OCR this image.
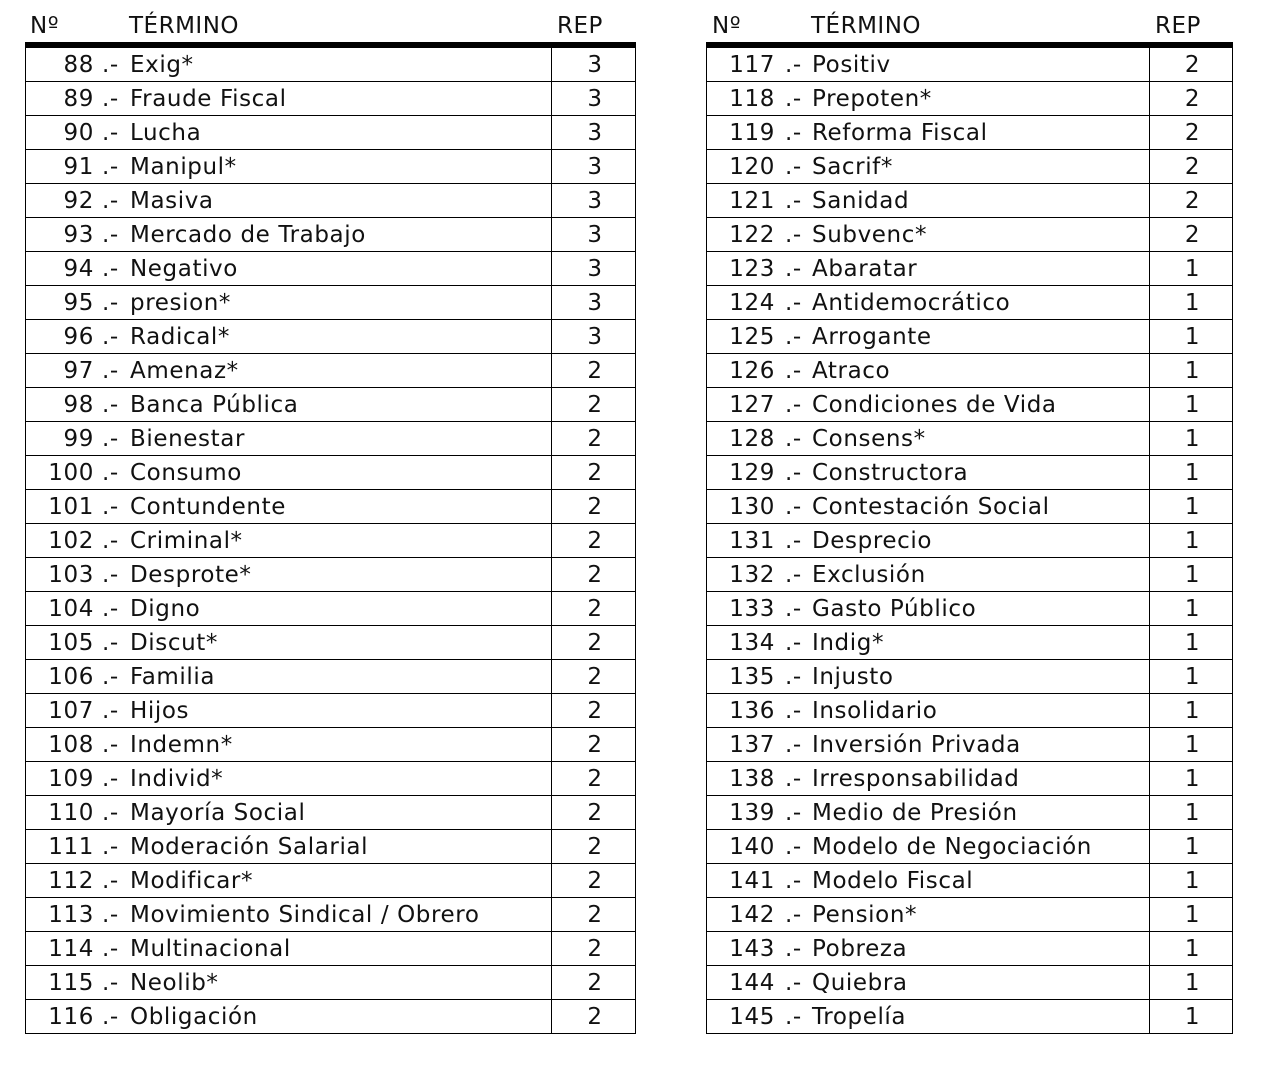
Nº	TÉRMINO	REP
88 .- Exig*	3
89 .- Fraude Fiscal	3
90 .- Lucha	3
91 .- Manipul*	3
92 .- Masiva	3
93 .- Mercado de Trabajo	3
94 .- Negativo	3
95 .- presion*	3
96 .- Radical*	3
97 .- Amenaz*	2
98 .- Banca Pública	2
99 .- Bienestar	2
100 .- Consumo	2
101 .- Contundente	2
102 .- Criminal*	2
103 .- Desprote*	2
104 .- Digno	2
105 .- Discut*	2
106 .- Familia	2
107 .- Hijos	2
108 .- Indemn*	2
109 .- Individ*	2
110 .- Mayoría Social	2
111 .- Moderación Salarial	2
112 .- Modificar*	2
113 .- Movimiento Sindical / Obrero	2
114 .- Multinacional	2
115 .- Neolib*	2
116 .- Obligación	2
Nº	TÉRMINO	REP
117 .- Positiv	2
118 .- Prepoten*	2
119 .- Reforma Fiscal	2
120 .- Sacrif*	2
121 .- Sanidad	2
122 .- Subvenc*	2
123 .- Abaratar	1
124 .- Antidemocrático	1
125 .- Arrogante	1
126 .- Atraco	1
127 .- Condiciones de Vida	1
128 .- Consens*	1
129 .- Constructora	1
130 .- Contestación Social	1
131 .- Desprecio	1
132 .- Exclusión	1
133 .- Gasto Público	1
134 .- Indig*	1
135 .- Injusto	1
136 .- Insolidario	1
137 .- Inversión Privada	1
138 .- Irresponsabilidad	1
139 .- Medio de Presión	1
140 .- Modelo de Negociación	1
141 .- Modelo Fiscal	1
142 .- Pension*	1
143 .- Pobreza	1
144 .- Quiebra	1
145 .- Tropelía	1
